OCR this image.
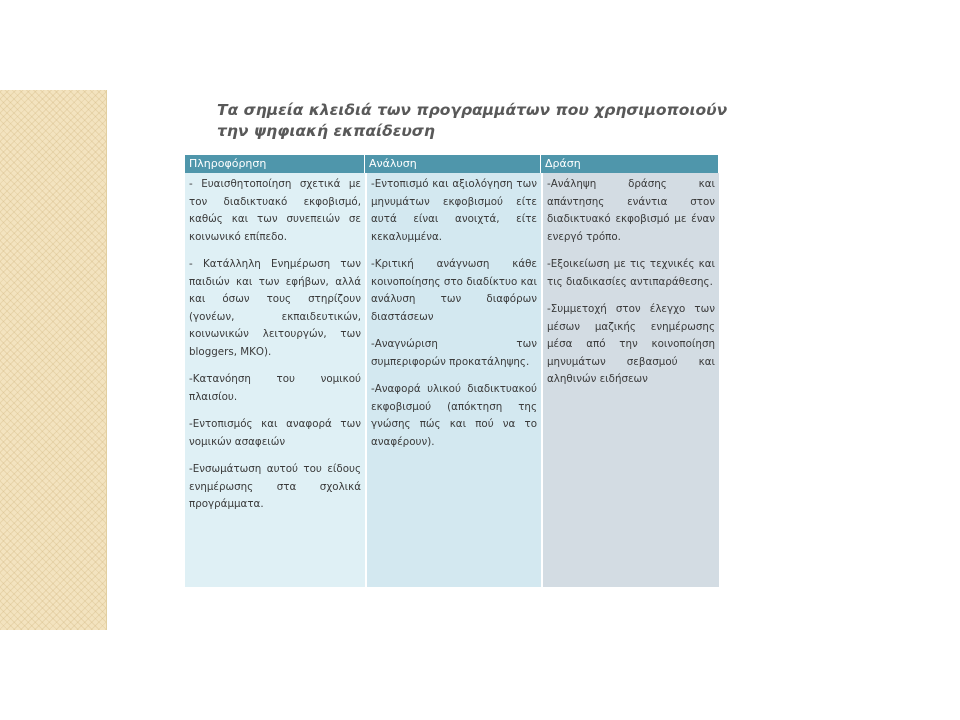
Τα σημεία κλειδιά των προγραμμάτων που χρησιμοποιούν
την ψηφιακή εκπαίδευση
Πληροφόρηση	Ανάλυση	Δράση

- Ευαισθητοποίηση σχετικά με τον διαδικτυακό εκφοβισμό, καθώς και των συνεπειών σε κοινωνικό επίπεδο.

- Κατάλληλη Ενημέρωση των παιδιών και των εφήβων, αλλά και όσων τους στηρίζουν (γονέων, εκπαιδευτικών, κοινωνικών λειτουργών, των bloggers, ΜΚΟ).

-Κατανόηση του νομικού πλαισίου.

-Εντοπισμός και αναφορά των νομικών ασαφειών

-Ενσωμάτωση αυτού του είδους ενημέρωσης στα σχολικά προγράμματα.

-Εντοπισμό και αξιολόγηση των μηνυμάτων εκφοβισμού είτε αυτά είναι ανοιχτά, είτε κεκαλυμμένα.

-Κριτική ανάγνωση κάθε κοινοποίησης στο διαδίκτυο και ανάλυση των διαφόρων διαστάσεων

-Αναγνώριση των συμπεριφορών προκατάληψης.

-Αναφορά υλικού διαδικτυακού εκφοβισμού (απόκτηση της γνώσης πώς και πού να το αναφέρουν).

-Ανάληψη δράσης και απάντησης ενάντια στον διαδικτυακό εκφοβισμό με έναν ενεργό τρόπο.

-Εξοικείωση με τις τεχνικές και τις διαδικασίες αντιπαράθεσης.

-Συμμετοχή στον έλεγχο των μέσων μαζικής ενημέρωσης μέσα από την κοινοποίηση μηνυμάτων σεβασμού και αληθινών ειδήσεων
